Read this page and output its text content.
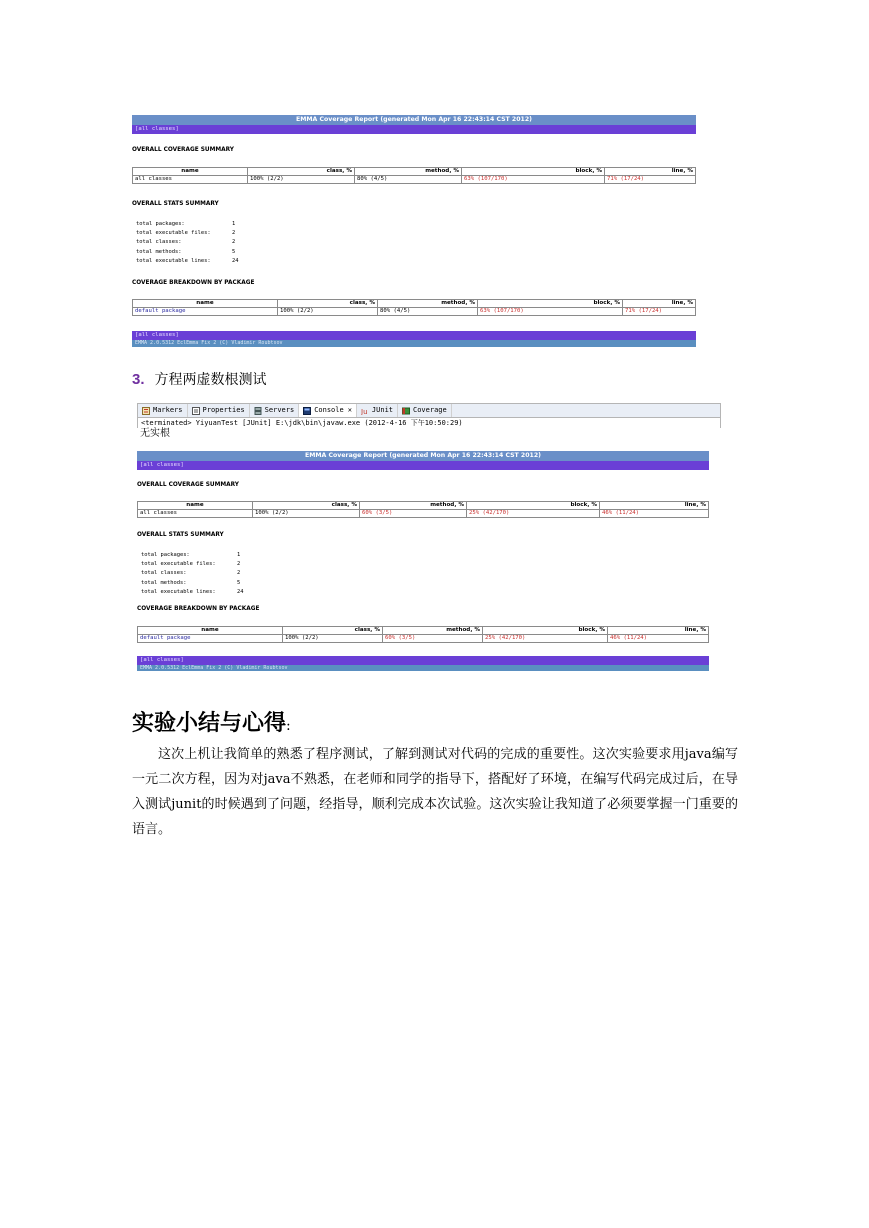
EMMA Coverage Report (generated Mon Apr 16 22:43:14 CST 2012)
[all classes]
OVERALL COVERAGE SUMMARY
name	class, %	method, %	block, %	line, %
all classes	100% (2/2)	80% (4/5)	63% (107/170)	71% (17/24)
OVERALL STATS SUMMARY
total packages:	1
total executable files:	2
total classes:	2
total methods:	5
total executable lines:	24
COVERAGE BREAKDOWN BY PACKAGE
name	class, %	method, %	block, %	line, %
default package	100% (2/2)	80% (4/5)	63% (107/170)	71% (17/24)
[all classes]
EMMA 2.0.5312 EclEmma Fix 2 (C) Vladimir Roubtsov
3. 方程两虚数根测试
Markers	Properties	Servers	Console ✕ Ju JUnit	Coverage
<terminated> YiyuanTest [JUnit] E:\jdk\bin\javaw.exe (2012-4-16 下午10:50:29)
无实根
EMMA Coverage Report (generated Mon Apr 16 22:43:14 CST 2012)
[all classes]
OVERALL COVERAGE SUMMARY
name	class, %	method, %	block, %	line, %
all classes	100% (2/2)	60% (3/5)	25% (42/170)	46% (11/24)
OVERALL STATS SUMMARY
total packages:	1
total executable files:	2
total classes:	2
total methods:	5
total executable lines:	24
COVERAGE BREAKDOWN BY PACKAGE
name	class, %	method, %	block, %	line, %
default package	100% (2/2)	60% (3/5)	25% (42/170)	46% (11/24)
[all classes]
EMMA 2.0.5312 EclEmma Fix 2 (C) Vladimir Roubtsov
实验小结与心得:

这次上机让我简单的熟悉了程序测试，了解到测试对代码的完成的重要性。这次实验要求用java编写一元二次方程，因为对java不熟悉，在老师和同学的指导下，搭配好了环境，在编写代码完成过后，在导入测试junit的时候遇到了问题，经指导，顺利完成本次试验。这次实验让我知道了必须要掌握一门重要的语言。
